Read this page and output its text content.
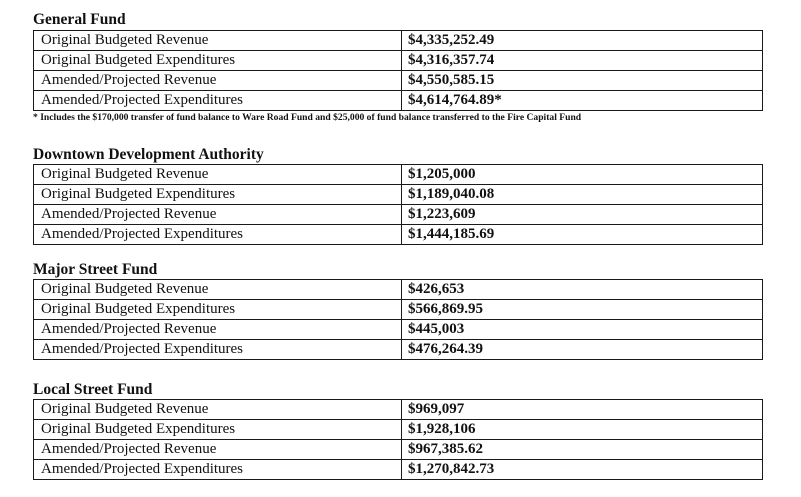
General Fund
Original Budgeted Revenue	$4,335,252.49
Original Budgeted Expenditures	$4,316,357.74
Amended/Projected Revenue	$4,550,585.15
Amended/Projected Expenditures	$4,614,764.89*
* Includes the $170,000 transfer of fund balance to Ware Road Fund and $25,000 of fund balance transferred to the Fire Capital Fund
Downtown Development Authority
Original Budgeted Revenue	$1,205,000
Original Budgeted Expenditures	$1,189,040.08
Amended/Projected Revenue	$1,223,609
Amended/Projected Expenditures	$1,444,185.69
Major Street Fund
Original Budgeted Revenue	$426,653
Original Budgeted Expenditures	$566,869.95
Amended/Projected Revenue	$445,003
Amended/Projected Expenditures	$476,264.39
Local Street Fund
Original Budgeted Revenue	$969,097
Original Budgeted Expenditures	$1,928,106
Amended/Projected Revenue	$967,385.62
Amended/Projected Expenditures	$1,270,842.73
